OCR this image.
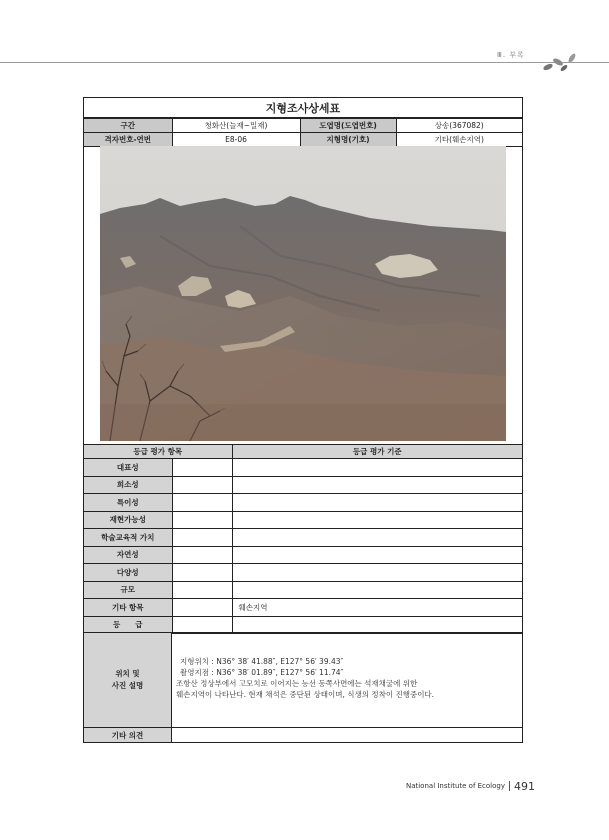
Ⅲ. 부록
지형조사상세표
구간	청화산(늘재~밀재)	도엽명(도엽번호)	상송(367082)
격자번호-연번	E8-06	지형명(기호)	기타(훼손지역)
등급 평가 항목		등급 평가 기준
대표성		
희소성		
특이성		
재현가능성		
학술교육적 가치		
자연성		
다양성		
규모		
기타 항목		훼손지역
등　　급		
위치 및
사진 설명
지형위치 : N36° 38′ 41.88″, E127° 56′ 39.43″
촬영지점 : N36° 38′ 01.89″, E127° 56′ 11.74″
조항산 정상부에서 고모치로 이어지는 능선 동쪽사면에는 석재채굴에 위한
훼손지역이 나타난다. 현재 채석은 중단된 상태이며, 식생의 정착이 진행중이다.
기타 의견
National Institute of Ecology 491
